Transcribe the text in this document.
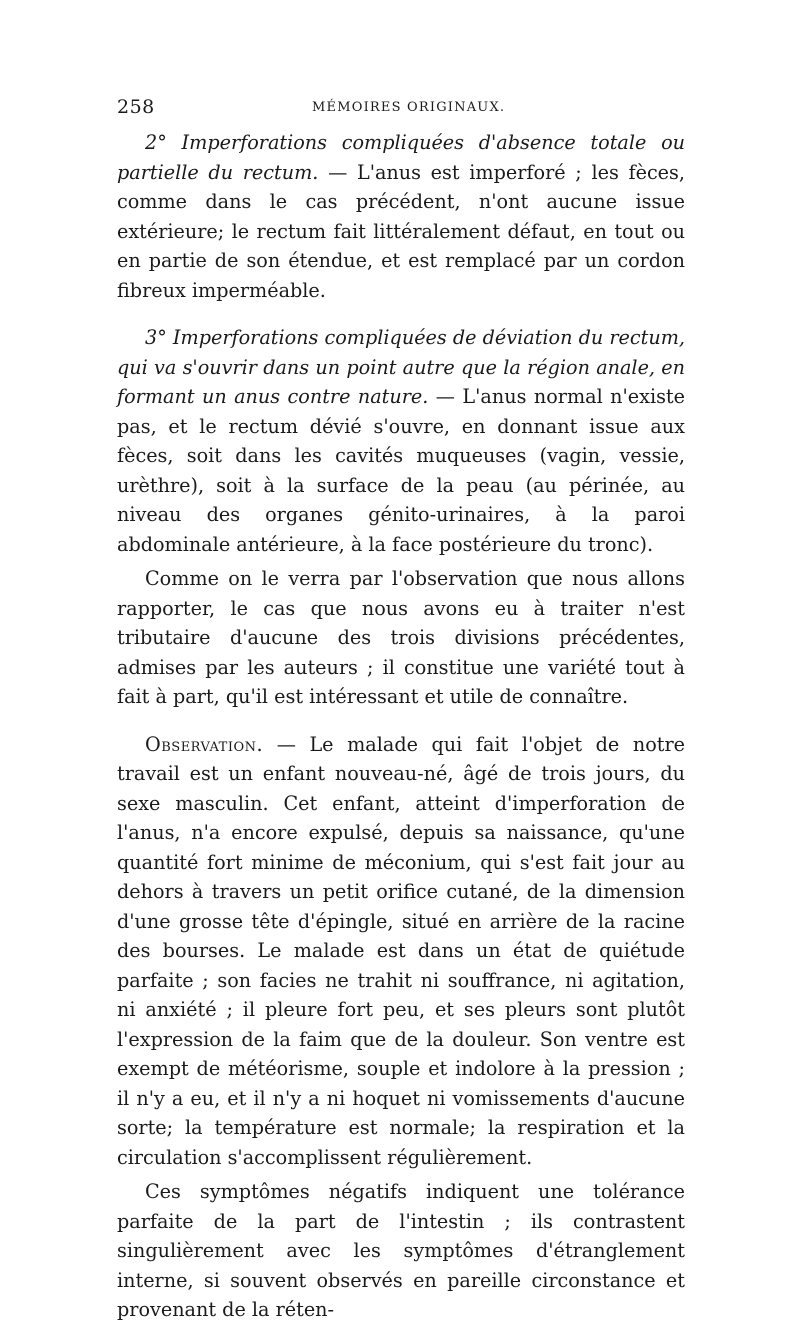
258	MÉMOIRES ORIGINAUX.

2° Imperforations compliquées d'absence totale ou partielle du rectum. — L'anus est imperforé ; les fèces, comme dans le cas précédent, n'ont aucune issue extérieure; le rectum fait littéralement défaut, en tout ou en partie de son étendue, et est remplacé par un cordon fibreux imperméable.

3° Imperforations compliquées de déviation du rectum, qui va s'ouvrir dans un point autre que la région anale, en formant un anus contre nature. — L'anus normal n'existe pas, et le rectum dévié s'ouvre, en donnant issue aux fèces, soit dans les cavités muqueuses (vagin, vessie, urèthre), soit à la surface de la peau (au périnée, au niveau des organes génito-urinaires, à la paroi abdominale antérieure, à la face postérieure du tronc).

Comme on le verra par l'observation que nous allons rapporter, le cas que nous avons eu à traiter n'est tributaire d'aucune des trois divisions précédentes, admises par les auteurs ; il constitue une variété tout à fait à part, qu'il est intéressant et utile de connaître.

Observation. — Le malade qui fait l'objet de notre travail est un enfant nouveau-né, âgé de trois jours, du sexe masculin. Cet enfant, atteint d'imperforation de l'anus, n'a encore expulsé, depuis sa naissance, qu'une quantité fort minime de méconium, qui s'est fait jour au dehors à travers un petit orifice cutané, de la dimension d'une grosse tête d'épingle, situé en arrière de la racine des bourses. Le malade est dans un état de quiétude parfaite ; son facies ne trahit ni souffrance, ni agitation, ni anxiété ; il pleure fort peu, et ses pleurs sont plutôt l'expression de la faim que de la douleur. Son ventre est exempt de météorisme, souple et indolore à la pression ; il n'y a eu, et il n'y a ni hoquet ni vomissements d'aucune sorte; la température est normale; la respiration et la circulation s'accomplissent régulièrement.

Ces symptômes négatifs indiquent une tolérance parfaite de la part de l'intestin ; ils contrastent singulièrement avec les symptômes d'étranglement interne, si souvent observés en pareille circonstance et provenant de la réten-
